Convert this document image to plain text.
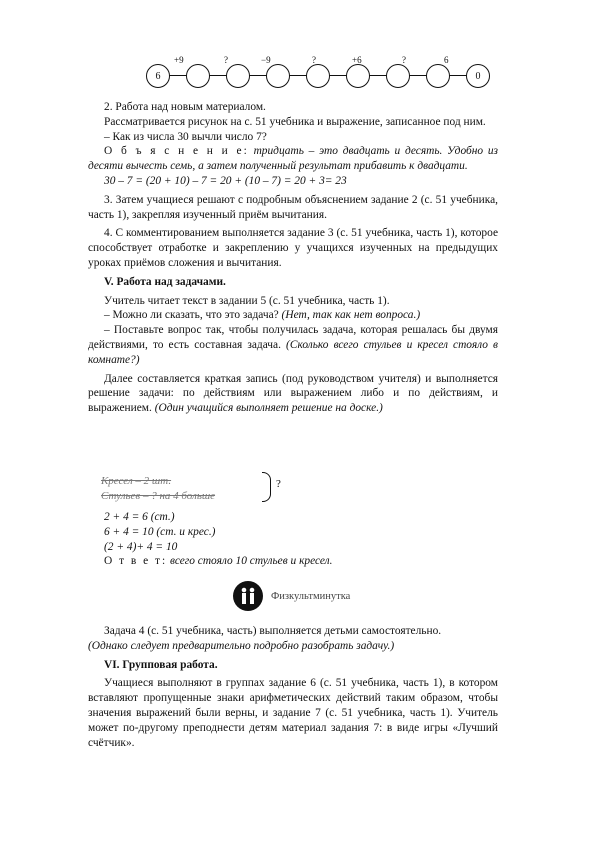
6	0
+9	?	−9	?	+6	?	6

2. Работа над новым материалом.

Рассматривается рисунок на с. 51 учебника и выражение, записанное под ним.

– Как из числа 30 вычли число 7?

О б ъ я с н е н и е: тридцать – это двадцать и десять. Удобно из десяти вычесть семь, а затем полученный результат прибавить к двадцати.

30 – 7 = (20 + 10) – 7 = 20 + (10 – 7) = 20 + 3= 23

3. Затем учащиеся решают с подробным объяснением задание 2 (с. 51 учебника, часть 1), закрепляя изученный приём вычитания.

4. С комментированием выполняется задание 3 (с. 51 учебника, часть 1), которое способствует отработке и закреплению у учащихся изученных на предыдущих уроках приёмов сложения и вычитания.

V. Работа над задачами.

Учитель читает текст в задании 5 (с. 51 учебника, часть 1).

– Можно ли сказать, что это задача? (Нет, так как нет вопроса.)

– Поставьте вопрос так, чтобы получилась задача, которая решалась бы двумя действиями, то есть составная задача. (Сколько всего стульев и кресел стояло в комнате?)

Далее составляется краткая запись (под руководством учителя) и выполняется решение задачи: по действиям или выражением либо и по действиям, и выражением. (Один учащийся выполняет решение на доске.)

Кресел – 2 шт.
Стульев – ? на 4 больше
?

2 + 4 = 6 (ст.)

6 + 4 = 10 (ст. и крес.)

(2 + 4)+ 4 = 10

О т в е т: всего стояло 10 стульев и кресел.

Физкультминутка

Задача 4 (с. 51 учебника, часть) выполняется детьми самостоятельно.

(Однако следует предварительно подробно разобрать задачу.)

VI. Групповая работа.

Учащиеся выполняют в группах задание 6 (с. 51 учебника, часть 1), в котором вставляют пропущенные знаки арифметических действий таким образом, чтобы значения выражений были верны, и задание 7 (с. 51 учебника, часть 1). Учитель может по-другому преподнести детям материал задания 7: в виде игры «Лучший счётчик».
